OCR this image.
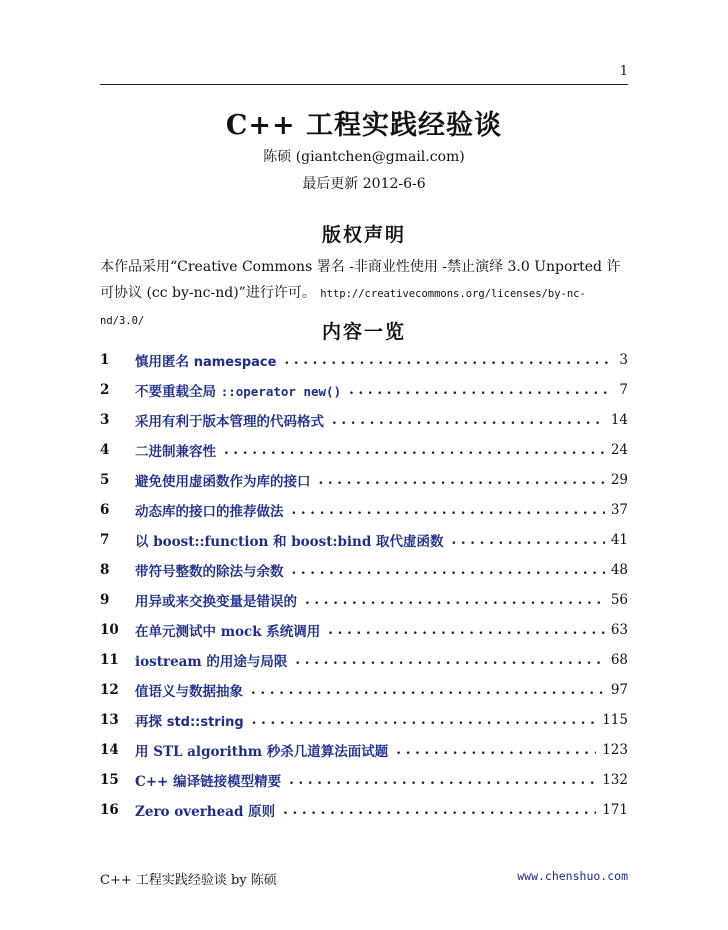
1
C++ 工程实践经验谈
陈硕 (giantchen@gmail.com)
最后更新 2012-6-6
版权声明
本作品采用“Creative Commons 署名 -非商业性使用 -禁止演绎 3.0 Unported 许可协议 (cc by-nc-nd)”进行许可。 http://creativecommons.org/licenses/by-nc-nd/3.0/	内容一览
1	慎用匿名 namespace . . .	3
2	不要重载全局 ::operator new() . . .	7
3	采用有利于版本管理的代码格式 . . .	14
4	二进制兼容性 . . .	24
5	避免使用虚函数作为库的接口 . . .	29
6	动态库的接口的推荐做法 . . .	37
7	以 boost::function 和 boost:bind 取代虚函数 . . .	41
8	带符号整数的除法与余数 . . .	48
9	用异或来交换变量是错误的 . . .	56
10	在单元测试中 mock 系统调用 . . .	63
11	iostream 的用途与局限 . . .	68
12	值语义与数据抽象 . . .	97
13	再探 std::string . . .	115
14	用 STL algorithm 秒杀几道算法面试题 . . .	123
15	C++ 编译链接模型精要 . . .	132
16	Zero overhead 原则 . . .	171
C++ 工程实践经验谈 by 陈硕	www.chenshuo.com
